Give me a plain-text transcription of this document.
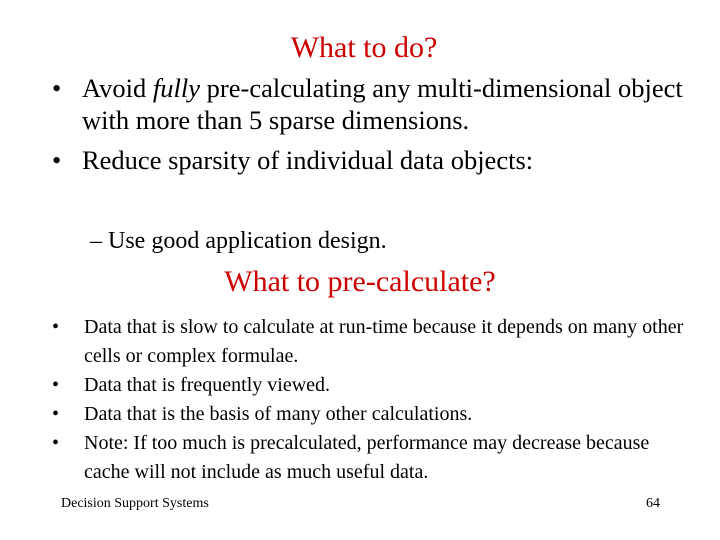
What to do?
• Avoid fully pre-calculating any multi-dimensional object with more than 5 sparse dimensions.
• Reduce sparsity of individual data objects:
– Use good application design.
What to pre-calculate?
• Data that is slow to calculate at run-time because it depends on many other cells or complex formulae.
• Data that is frequently viewed.
• Data that is the basis of many other calculations.
• Note: If too much is precalculated, performance may decrease because cache will not include as much useful data.
Decision Support Systems	64
